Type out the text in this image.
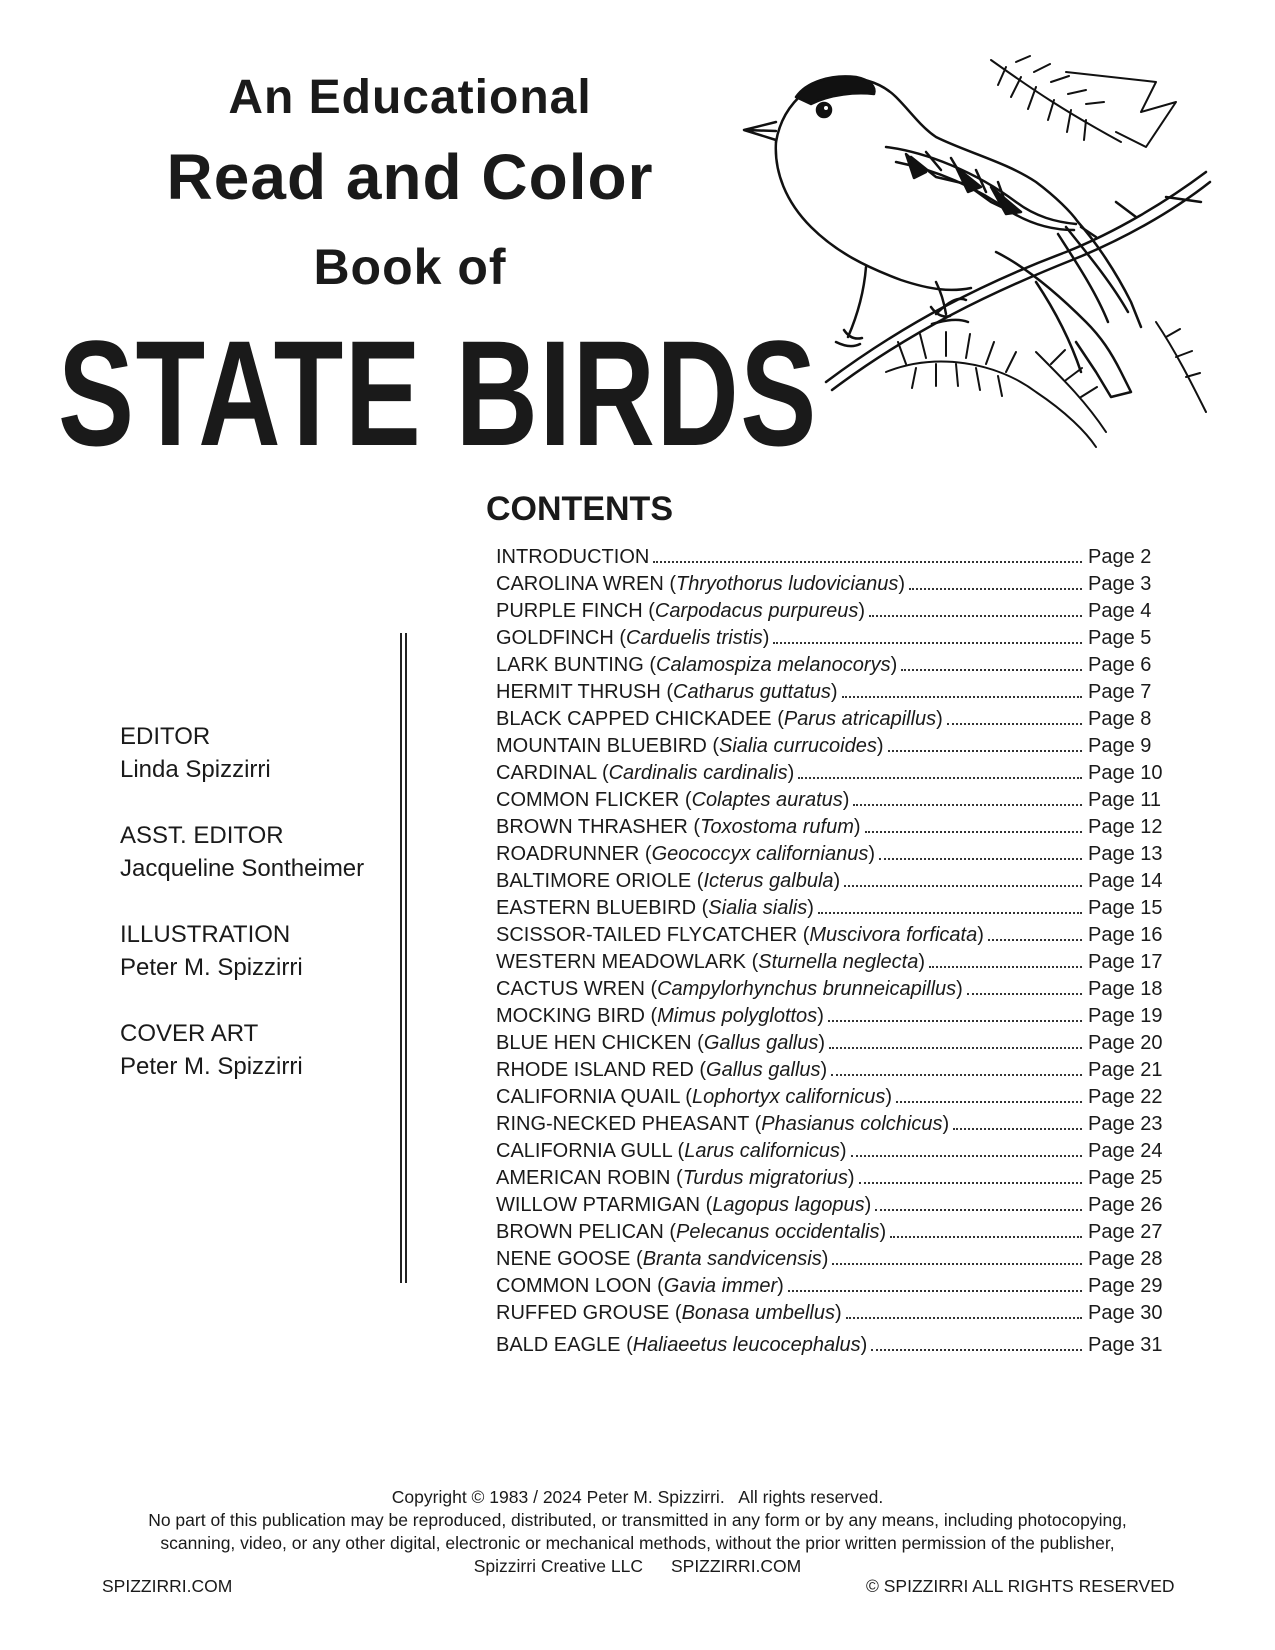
An Educational
Read and Color
Book of
STATE BIRDS
CONTENTS
INTRODUCTION	Page 2
CAROLINA WREN (Thryothorus ludovicianus)	Page 3
PURPLE FINCH (Carpodacus purpureus)	Page 4
GOLDFINCH (Carduelis tristis)	Page 5
LARK BUNTING (Calamospiza melanocorys)	Page 6
HERMIT THRUSH (Catharus guttatus)	Page 7
BLACK CAPPED CHICKADEE (Parus atricapillus)	Page 8
MOUNTAIN BLUEBIRD (Sialia currucoides)	Page 9
CARDINAL (Cardinalis cardinalis)	Page 10
COMMON FLICKER (Colaptes auratus)	Page 11
BROWN THRASHER (Toxostoma rufum)	Page 12
ROADRUNNER (Geococcyx californianus)	Page 13
BALTIMORE ORIOLE (Icterus galbula)	Page 14
EASTERN BLUEBIRD (Sialia sialis)	Page 15
SCISSOR-TAILED FLYCATCHER (Muscivora forficata)	Page 16
WESTERN MEADOWLARK (Sturnella neglecta)	Page 17
CACTUS WREN (Campylorhynchus brunneicapillus)	Page 18
MOCKING BIRD (Mimus polyglottos)	Page 19
BLUE HEN CHICKEN (Gallus gallus)	Page 20
RHODE ISLAND RED (Gallus gallus)	Page 21
CALIFORNIA QUAIL (Lophortyx californicus)	Page 22
RING-NECKED PHEASANT (Phasianus colchicus)	Page 23
CALIFORNIA GULL (Larus californicus)	Page 24
AMERICAN ROBIN (Turdus migratorius)	Page 25
WILLOW PTARMIGAN (Lagopus lagopus)	Page 26
BROWN PELICAN (Pelecanus occidentalis)	Page 27
NENE GOOSE (Branta sandvicensis)	Page 28
COMMON LOON (Gavia immer)	Page 29
RUFFED GROUSE (Bonasa umbellus)	Page 30
BALD EAGLE (Haliaeetus leucocephalus)	Page 31
EDITOR
Linda Spizzirri
ASST. EDITOR
Jacqueline Sontheimer
ILLUSTRATION
Peter M. Spizzirri
COVER ART
Peter M. Spizzirri
Copyright © 1983 / 2024 Peter M. Spizzirri.   All rights reserved.
No part of this publication may be reproduced, distributed, or transmitted in any form or by any means, including photocopying,
scanning, video, or any other digital, electronic or mechanical methods, without the prior written permission of the publisher,
Spizzirri Creative LLC SPIZZIRRI.COM
SPIZZIRRI.COM	© SPIZZIRRI ALL RIGHTS RESERVED
